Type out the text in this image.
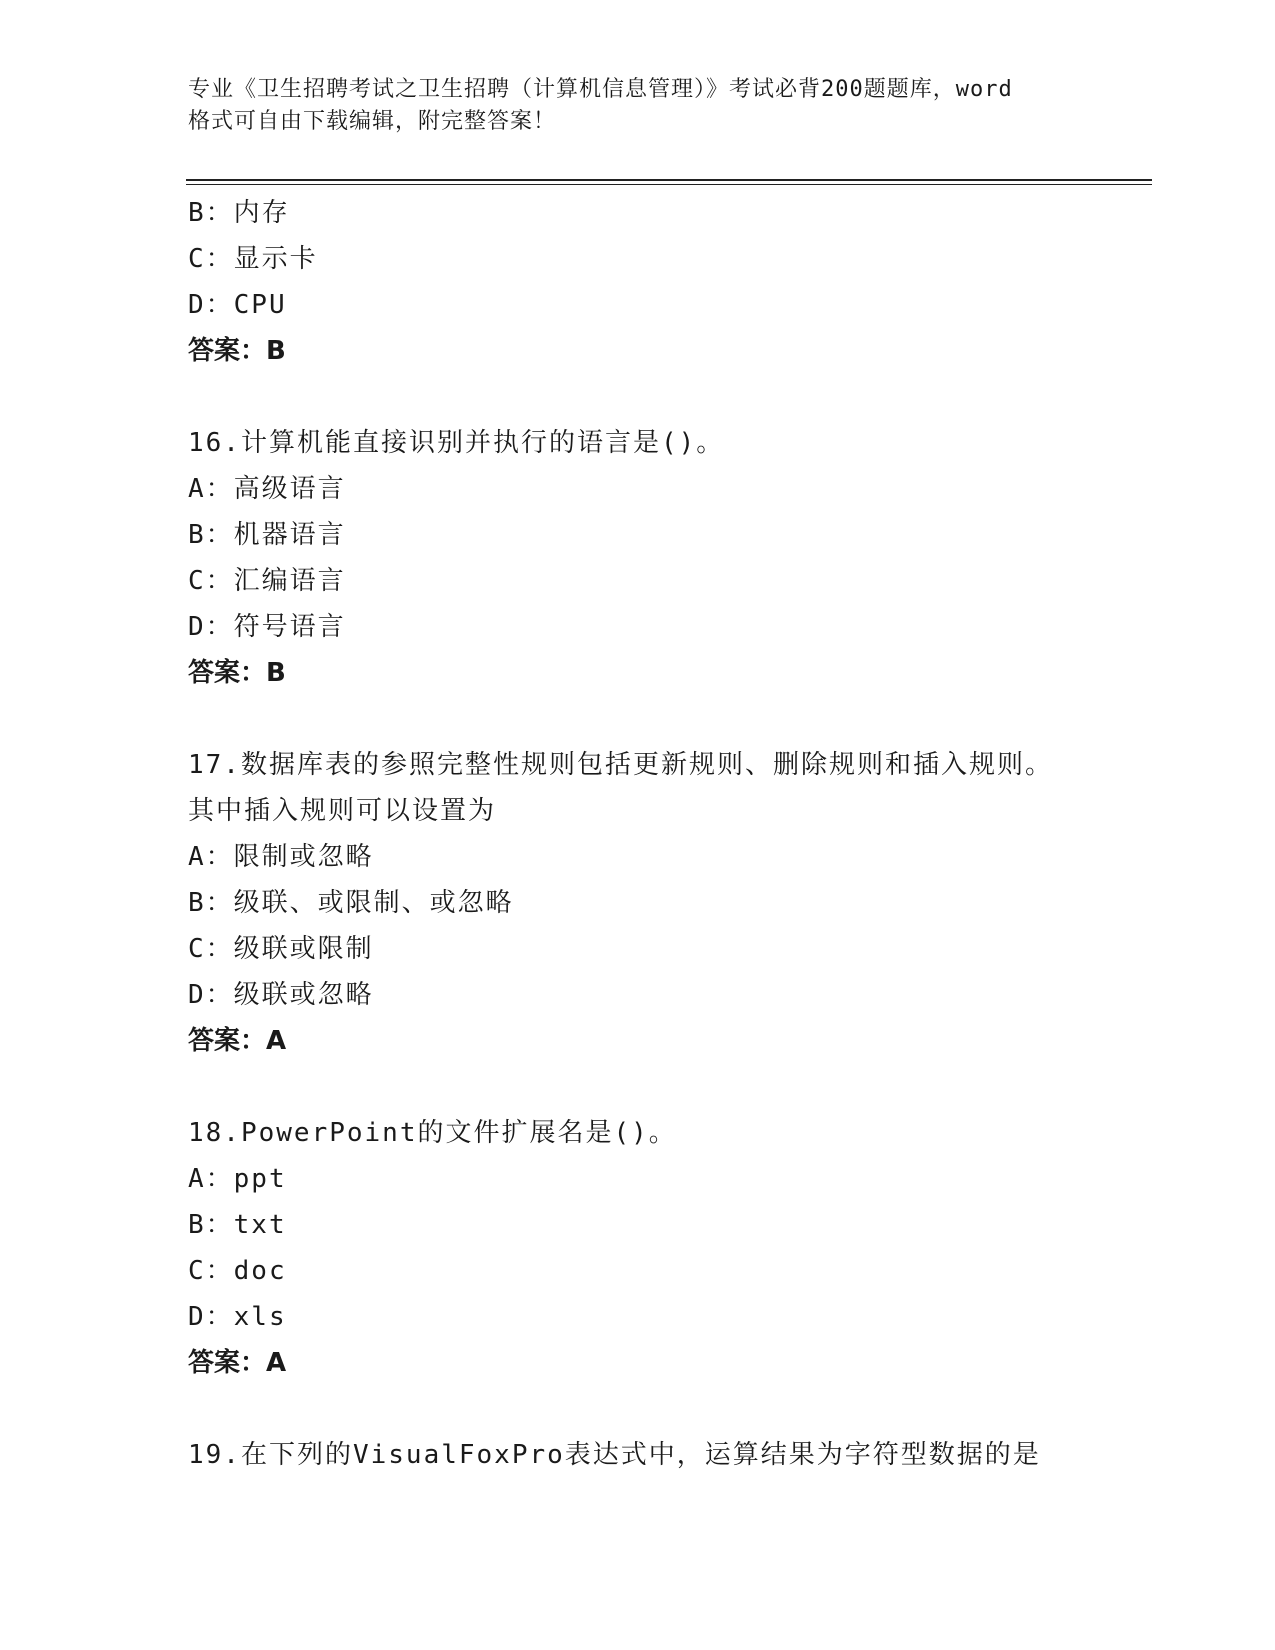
专业《卫生招聘考试之卫生招聘（计算机信息管理）》考试必背200题题库，word
格式可自由下载编辑，附完整答案！
B：内存
C：显示卡
D：CPU
答案：B
16.计算机能直接识别并执行的语言是()。
A：高级语言
B：机器语言
C：汇编语言
D：符号语言
答案：B
17.数据库表的参照完整性规则包括更新规则、删除规则和插入规则。
其中插入规则可以设置为
A：限制或忽略
B：级联、或限制、或忽略
C：级联或限制
D：级联或忽略
答案：A
18.PowerPoint的文件扩展名是()。
A：ppt
B：txt
C：doc
D：xls
答案：A
19.在下列的VisualFoxPro表达式中，运算结果为字符型数据的是
